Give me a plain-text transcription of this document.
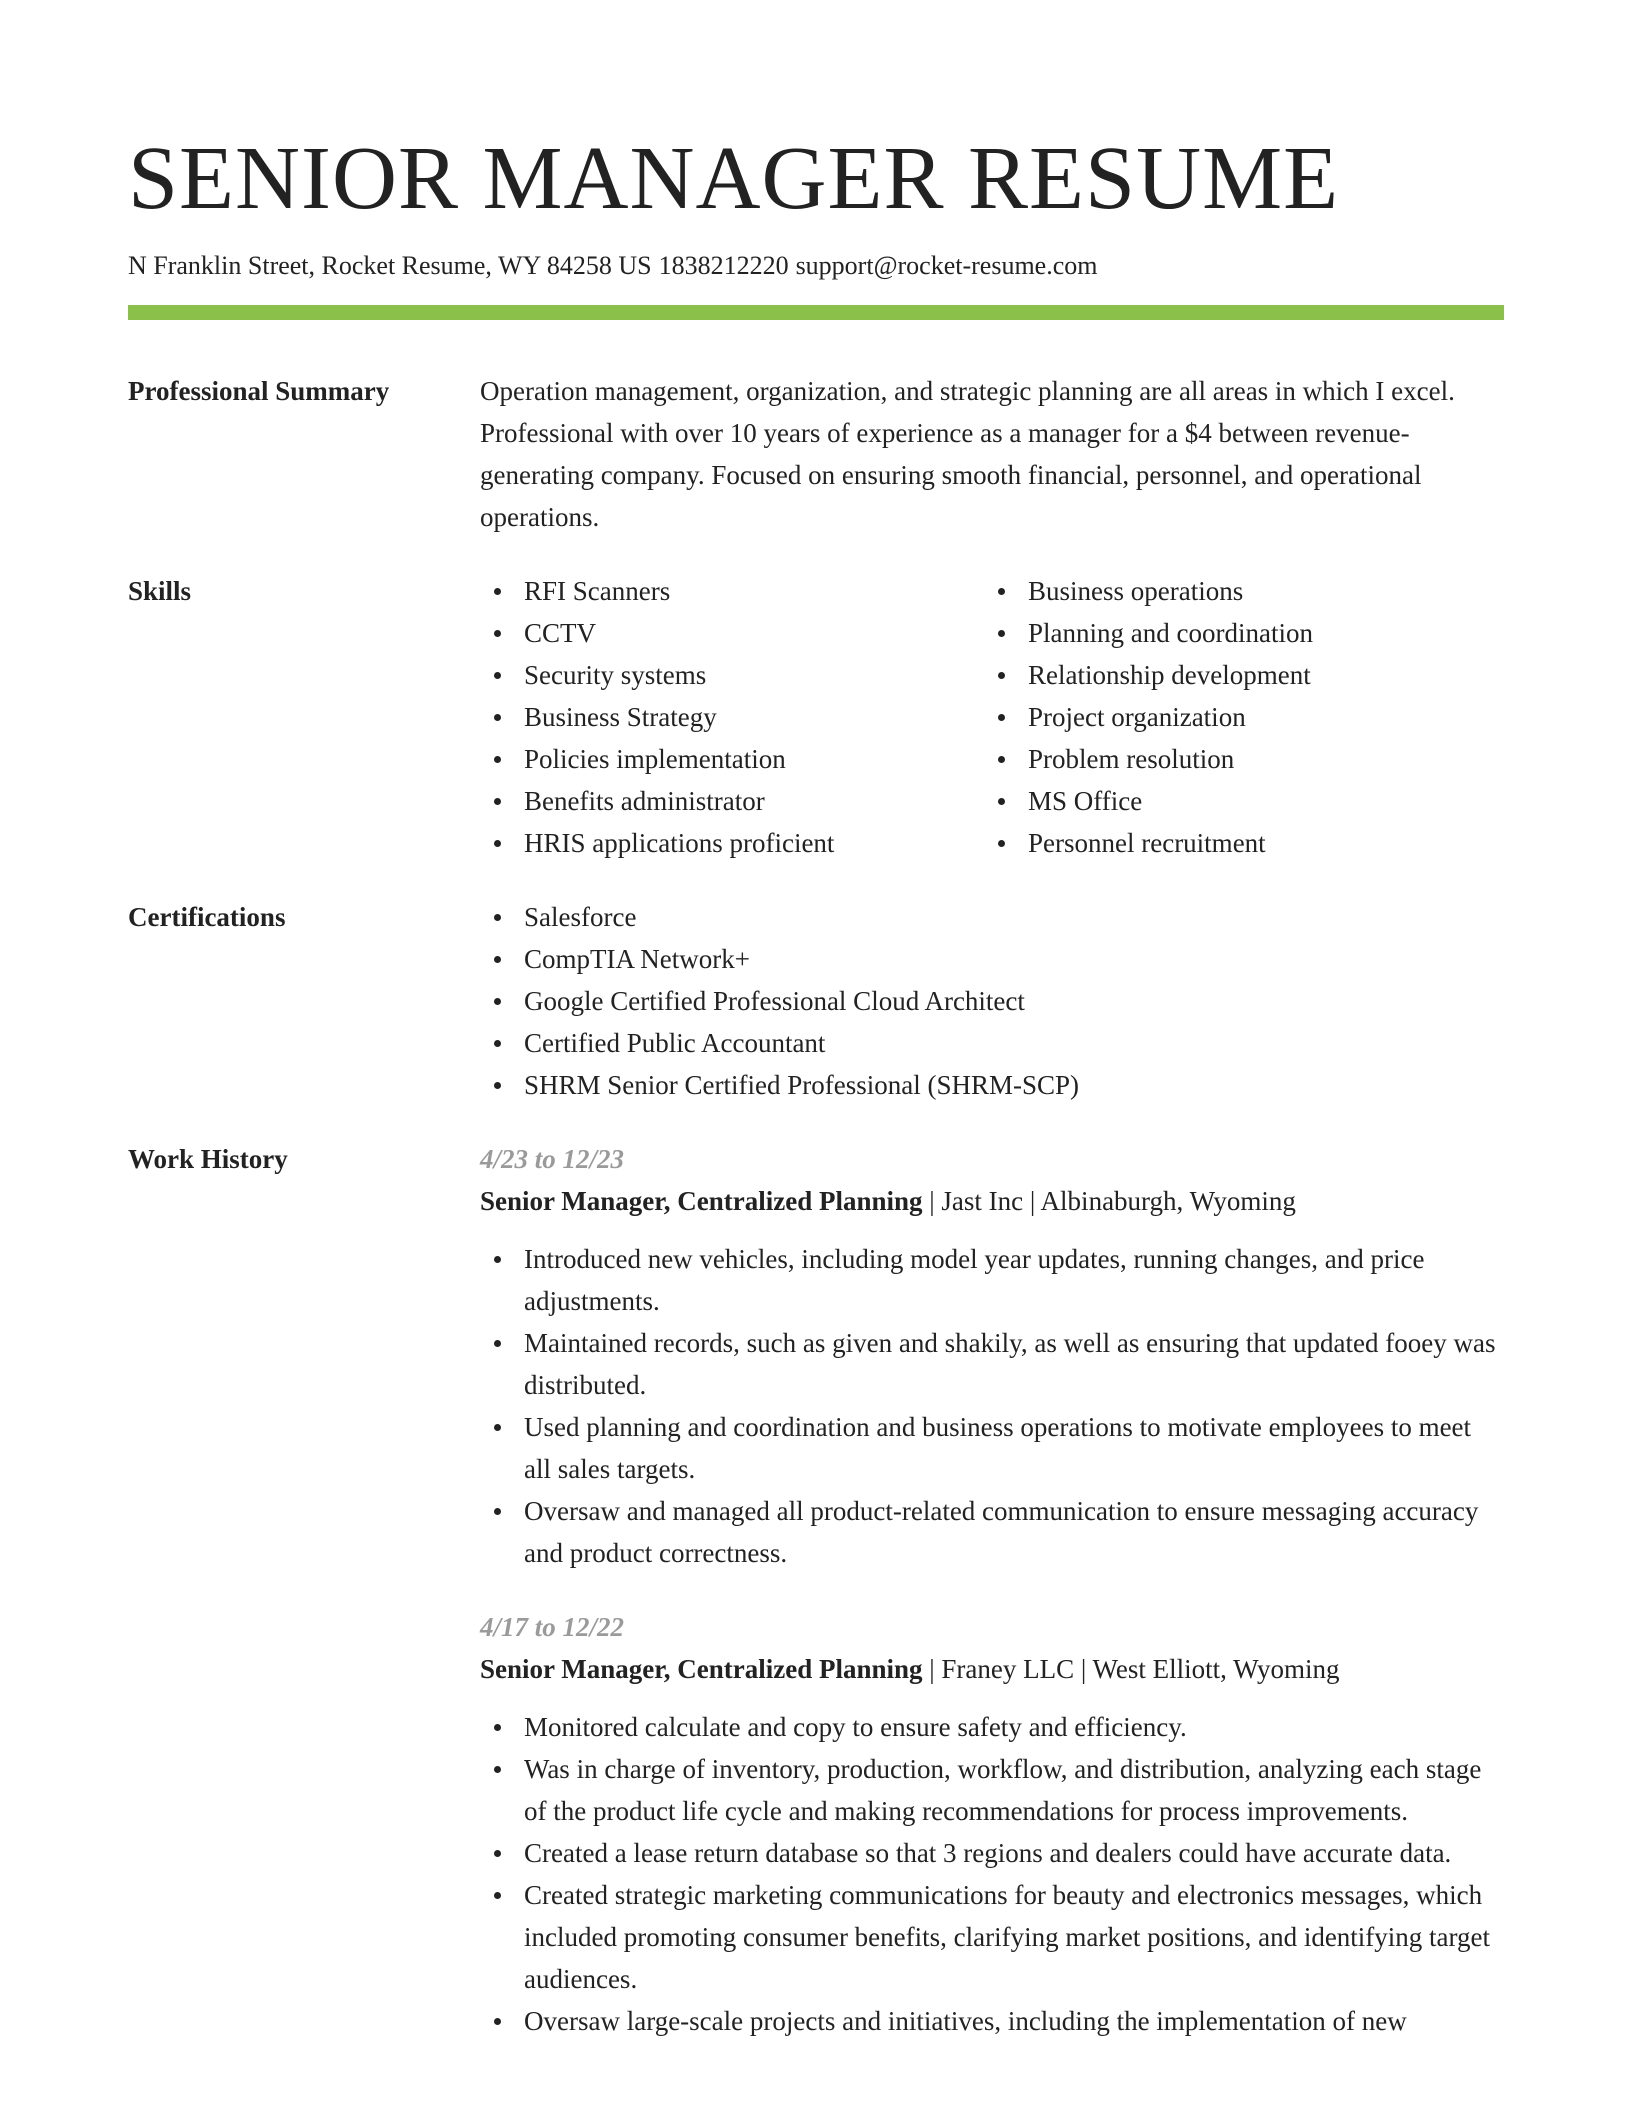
SENIOR MANAGER RESUME
N Franklin Street, Rocket Resume, WY 84258 US 1838212220 support@rocket-resume.com
Professional Summary	Operation management, organization, and strategic planning are all areas in which I excel. Professional with over 10 years of experience as a manager for a $4 between revenue-generating company. Focused on ensuring smooth financial, personnel, and operational operations.
Skills	RFI Scanners
CCTV
Security systems
Business Strategy
Policies implementation
Benefits administrator
HRIS applications proficient
Business operations
Planning and coordination
Relationship development
Project organization
Problem resolution
MS Office
Personnel recruitment
Certifications	Salesforce
CompTIA Network+
Google Certified Professional Cloud Architect
Certified Public Accountant
SHRM Senior Certified Professional (SHRM-SCP)
Work History	4/23 to 12/23
Senior Manager, Centralized Planning | Jast Inc | Albinaburgh, Wyoming
Introduced new vehicles, including model year updates, running changes, and price adjustments.
Maintained records, such as given and shakily, as well as ensuring that updated fooey was distributed.
Used planning and coordination and business operations to motivate employees to meet all sales targets.
Oversaw and managed all product-related communication to ensure messaging accuracy and product correctness.
4/17 to 12/22
Senior Manager, Centralized Planning | Franey LLC | West Elliott, Wyoming
Monitored calculate and copy to ensure safety and efficiency.
Was in charge of inventory, production, workflow, and distribution, analyzing each stage of the product life cycle and making recommendations for process improvements.
Created a lease return database so that 3 regions and dealers could have accurate data.
Created strategic marketing communications for beauty and electronics messages, which included promoting consumer benefits, clarifying market positions, and identifying target audiences.
Oversaw large-scale projects and initiatives, including the implementation of new
